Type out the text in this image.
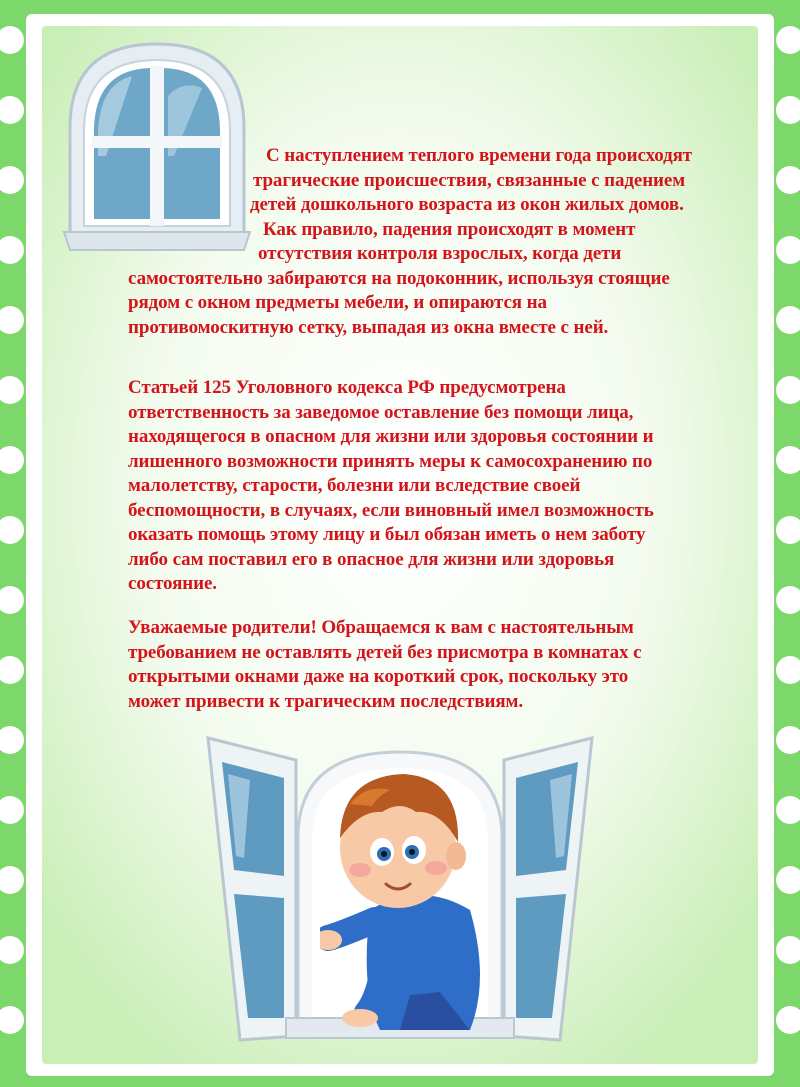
С наступлением теплого времени года происходят
трагические происшествия, связанные с падением
детей дошкольного возраста из окон жилых домов.
Как правило, падения происходят в момент
отсутствия контроля взрослых, когда дети
самостоятельно забираются на подоконник, используя стоящие
рядом с окном предметы мебели, и опираются на
противомоскитную сетку, выпадая из окна вместе с ней.
Статьей 125 Уголовного кодекса РФ предусмотрена
ответственность за заведомое оставление без помощи лица,
находящегося в опасном для жизни или здоровья состоянии и
лишенного возможности принять меры к самосохранению по
малолетству, старости, болезни или вследствие своей
беспомощности, в случаях, если виновный имел возможность
оказать помощь этому лицу и был обязан иметь о нем заботу
либо сам поставил его в опасное для жизни или здоровья
состояние.
Уважаемые родители! Обращаемся к вам с настоятельным
требованием не оставлять детей без присмотра в комнатах с
открытыми окнами даже на короткий срок, поскольку это
может привести к трагическим последствиям.
